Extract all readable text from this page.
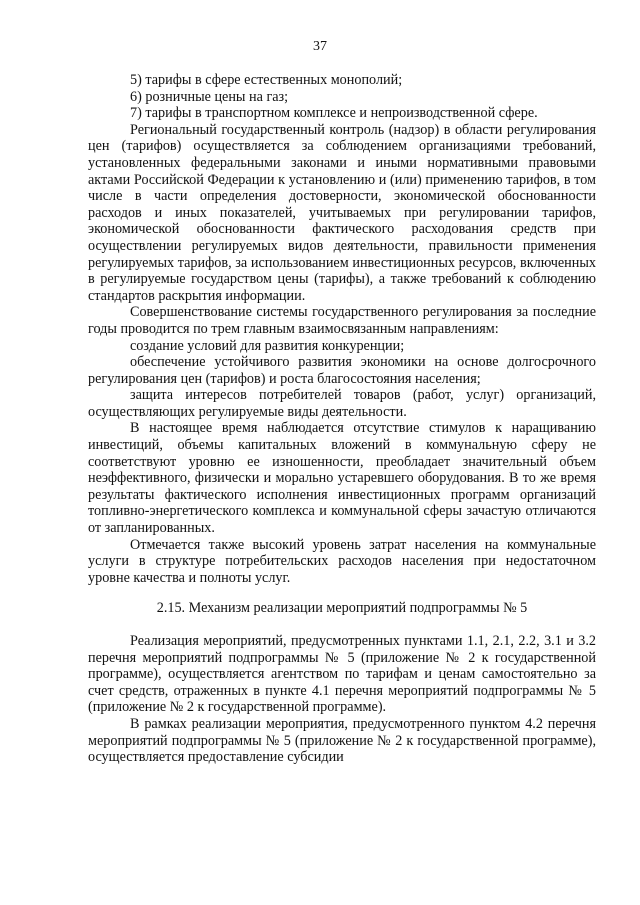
37

5) тарифы в сфере естественных монополий;

6) розничные цены на газ;

7) тарифы в транспортном комплексе и непроизводственной сфере.

Региональный государственный контроль (надзор) в области регулирования цен (тарифов) осуществляется за соблюдением организациями требований, установленных федеральными законами и иными нормативными правовыми актами Российской Федерации к установлению и (или) применению тарифов, в том числе в части определения достоверности, экономической обоснованности расходов и иных показателей, учитываемых при регулировании тарифов, экономической обоснованности фактического расходования средств при осуществлении регулируемых видов деятельности, правильности применения регулируемых тарифов, за использованием инвестиционных ресурсов, включенных в регулируемые государством цены (тарифы), а также требований к соблюдению стандартов раскрытия информации.

Совершенствование системы государственного регулирования за последние годы проводится по трем главным взаимосвязанным направлениям:

создание условий для развития конкуренции;

обеспечение устойчивого развития экономики на основе долгосрочного регулирования цен (тарифов) и роста благосостояния населения;

защита интересов потребителей товаров (работ, услуг) организаций, осуществляющих регулируемые виды деятельности.

В настоящее время наблюдается отсутствие стимулов к наращиванию инвестиций, объемы капитальных вложений в коммунальную сферу не соответствуют уровню ее изношенности, преобладает значительный объем неэффективного, физически и морально устаревшего оборудования. В то же время результаты фактического исполнения инвестиционных программ организаций топливно-энергетического комплекса и коммунальной сферы зачастую отличаются от запланированных.

Отмечается также высокий уровень затрат населения на коммунальные услуги в структуре потребительских расходов населения при недостаточном уровне качества и полноты услуг.

2.15. Механизм реализации мероприятий подпрограммы № 5

Реализация мероприятий, предусмотренных пунктами 1.1, 2.1, 2.2, 3.1 и 3.2 перечня мероприятий подпрограммы № 5 (приложение № 2 к государственной программе), осуществляется агентством по тарифам и ценам самостоятельно за счет средств, отраженных в пункте 4.1 перечня мероприятий подпрограммы № 5 (приложение № 2 к государственной программе).

В рамках реализации мероприятия, предусмотренного пунктом 4.2 перечня мероприятий подпрограммы № 5 (приложение № 2 к государственной программе), осуществляется предоставление субсидии
